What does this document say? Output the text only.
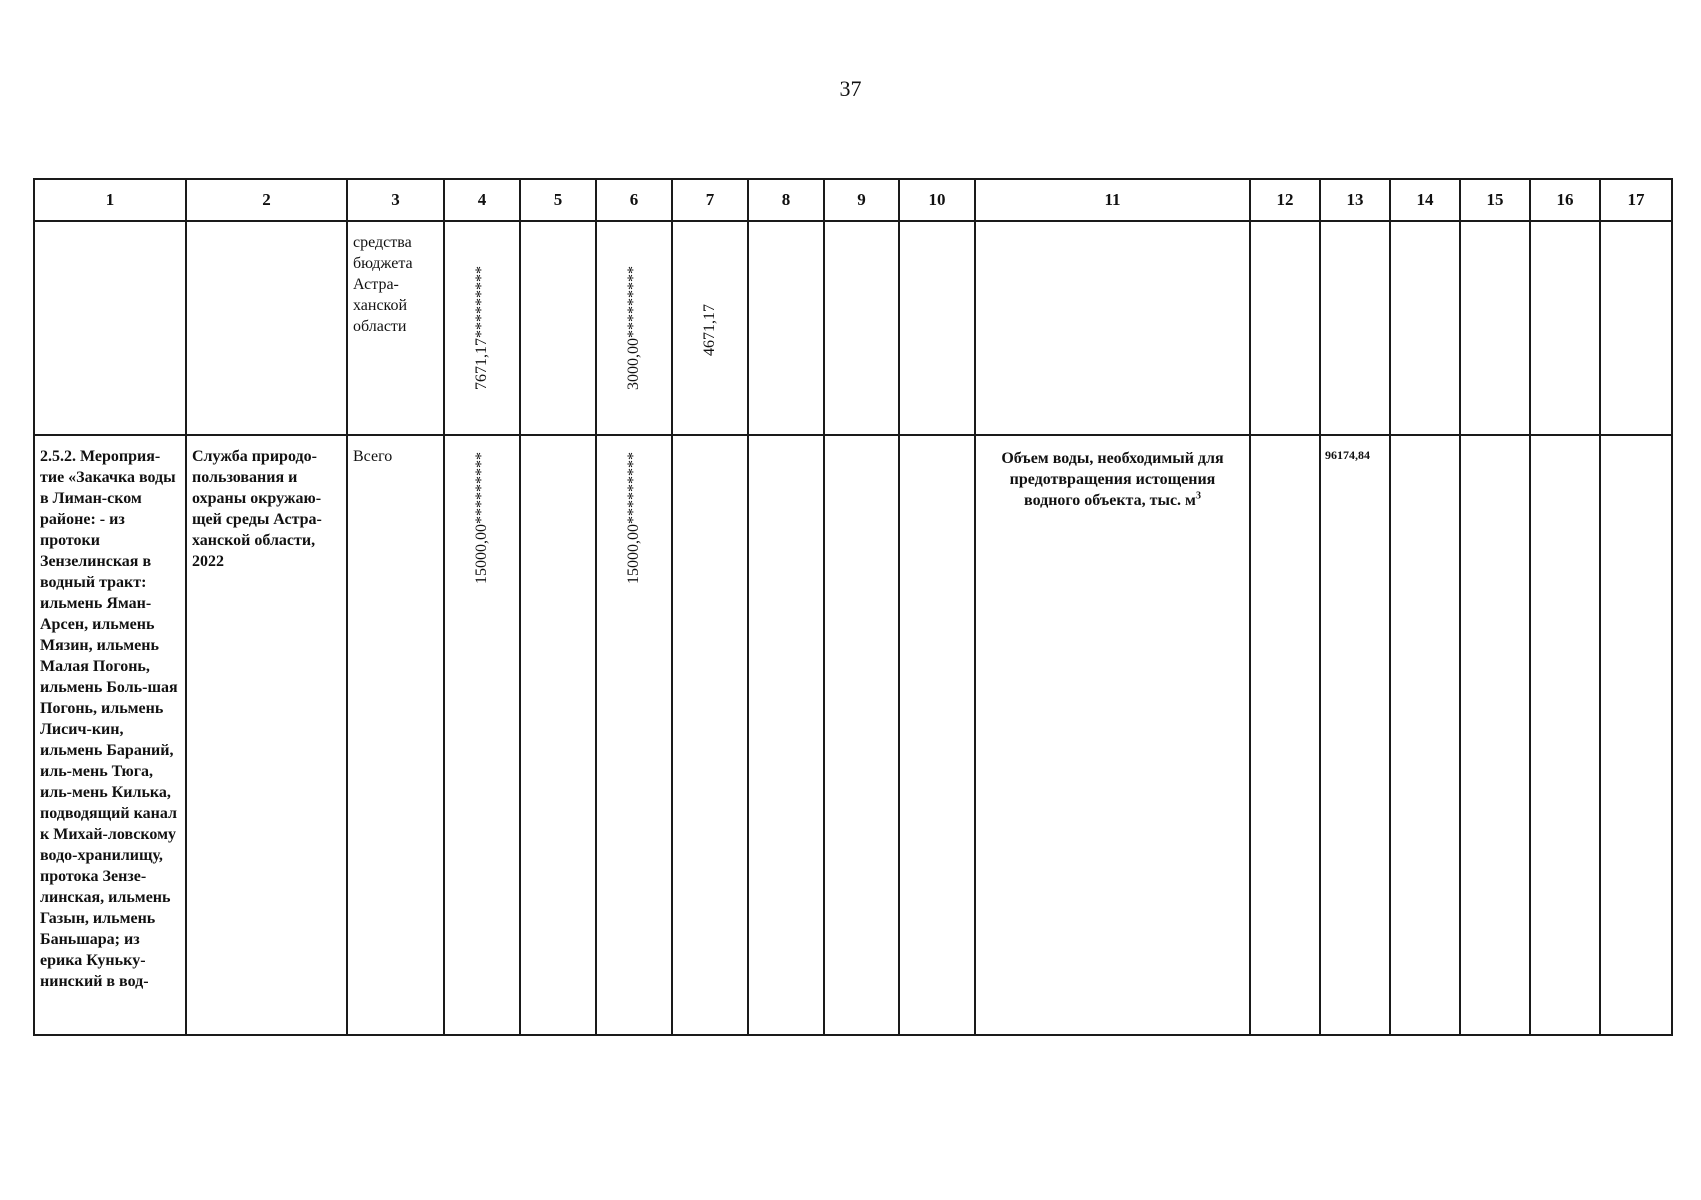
37
1	2	3	4	5	6	7	8	9	10	11	12	13	14	15	16	17

		средства бюджета Астра-ханской области	7671,17*********		3000,00*********	4671,17										

2.5.2. Мероприя-тие «Закачка воды в Лиман-ском районе: - из протоки Зензелинская в водный тракт: ильмень Яман-Арсен, ильмень Мязин, ильмень Малая Погонь, ильмень Боль-шая Погонь, ильмень Лисич-кин, ильмень Бараний, иль-мень Тюга, иль-мень Килька, подводящий канал к Михай-ловскому водо-хранилищу, протока Зензе-линская, ильмень Газын, ильмень Баньшара; из ерика Кунькy-нинский в вод-	Служба природо-пользования и охраны окружаю-щей среды Астра-ханской области, 2022	Всего	15000,00*********		15000,00*********					Объем воды, необходимый для предотвращения истощения водного объекта, тыс. $м^3$		96174,84				
